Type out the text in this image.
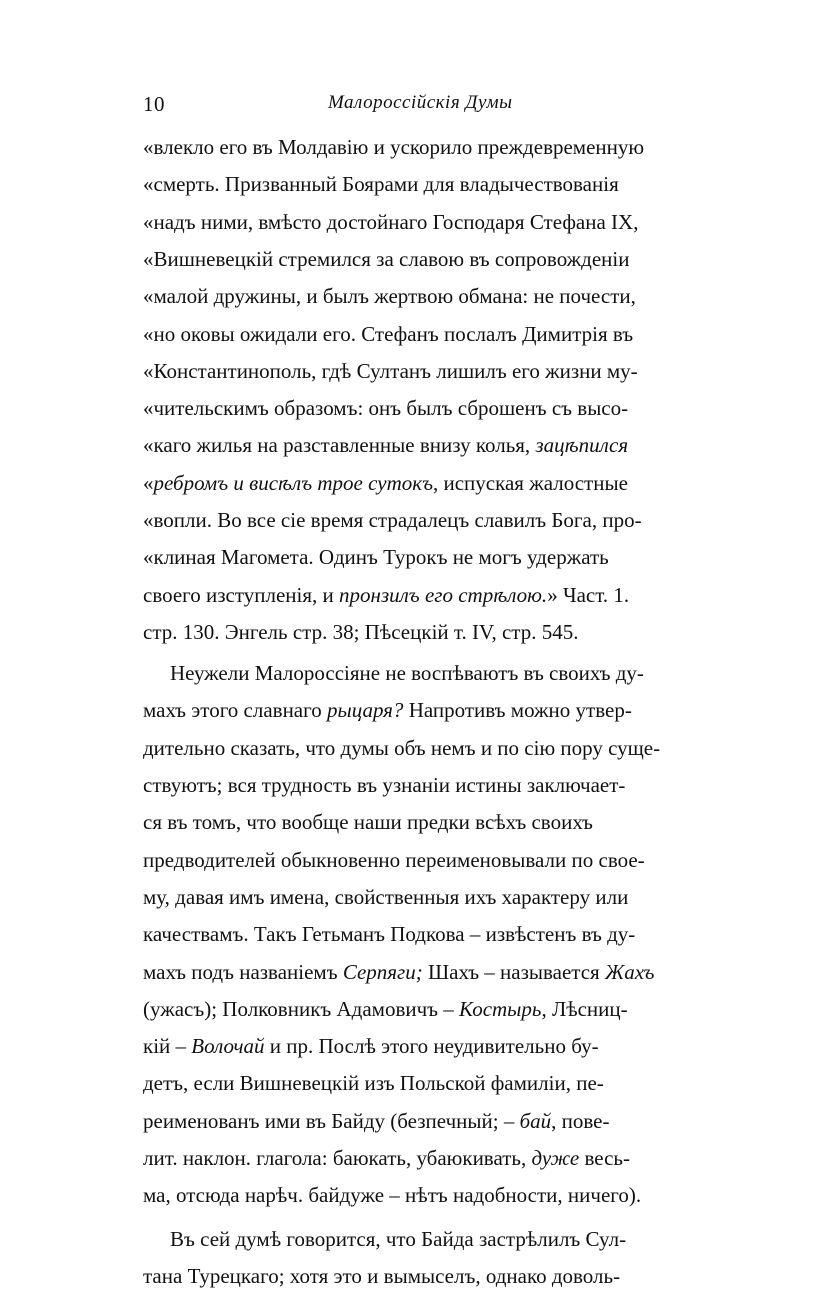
10	Малороссійскія Думы
«влекло его въ Молдавію и ускорило преждевременную
«смерть. Призванный Боярами для владычествованія
«надъ ними, вмѣсто достойнаго Господаря Стефана IX,
«Вишневецкій стремился за славою въ сопровожденіи
«малой дружины, и былъ жертвою обмана: не почести,
«но оковы ожидали его. Стефанъ послалъ Димитрія въ
«Константинополь, гдѣ Султанъ лишилъ его жизни му-
«чительскимъ образомъ: онъ былъ сброшенъ съ высо-
«каго жилья на разставленные внизу колья, зацѣпился
«ребромъ и висѣлъ трое сутокъ, испуская жалостные
«вопли. Во все сіе время страдалецъ славилъ Бога, про-
«клиная Магомета. Одинъ Турокъ не могъ удержать
своего изступленія, и пронзилъ его стрѣлою.» Част. 1.
стр. 130. Энгель стр. 38; Пѣсецкій т. IV, стр. 545.
Неужели Малороссіяне не воспѣваютъ въ своихъ ду-
махъ этого славнаго рыцаря? Напротивъ можно утвер-
дительно сказать, что думы объ немъ и по сію пору суще-
ствуютъ; вся трудность въ узнаніи истины заключает-
ся въ томъ, что вообще наши предки всѣхъ своихъ
предводителей обыкновенно переименовывали по свое-
му, давая имъ имена, свойственныя ихъ характеру или
качествамъ. Такъ Гетьманъ Подкова – извѣстенъ въ ду-
махъ подъ названіемъ Серпяги; Шахъ – называется Жахъ
(ужасъ); Полковникъ Адамовичъ – Костырь, Лѣсниц-
кій – Волочай и пр. Послѣ этого неудивительно бу-
детъ, если Вишневецкій изъ Польской фамиліи, пе-
реименованъ ими въ Байду (безпечный; – бай, пове-
лит. наклон. глагола: баюкать, убаюкивать, дуже весь-
ма, отсюда нарѣч. байдуже – нѣтъ надобности, ничего).
Въ сей думѣ говорится, что Байда застрѣлилъ Сул-
тана Турецкаго; хотя это и вымыселъ, однако доволь-
